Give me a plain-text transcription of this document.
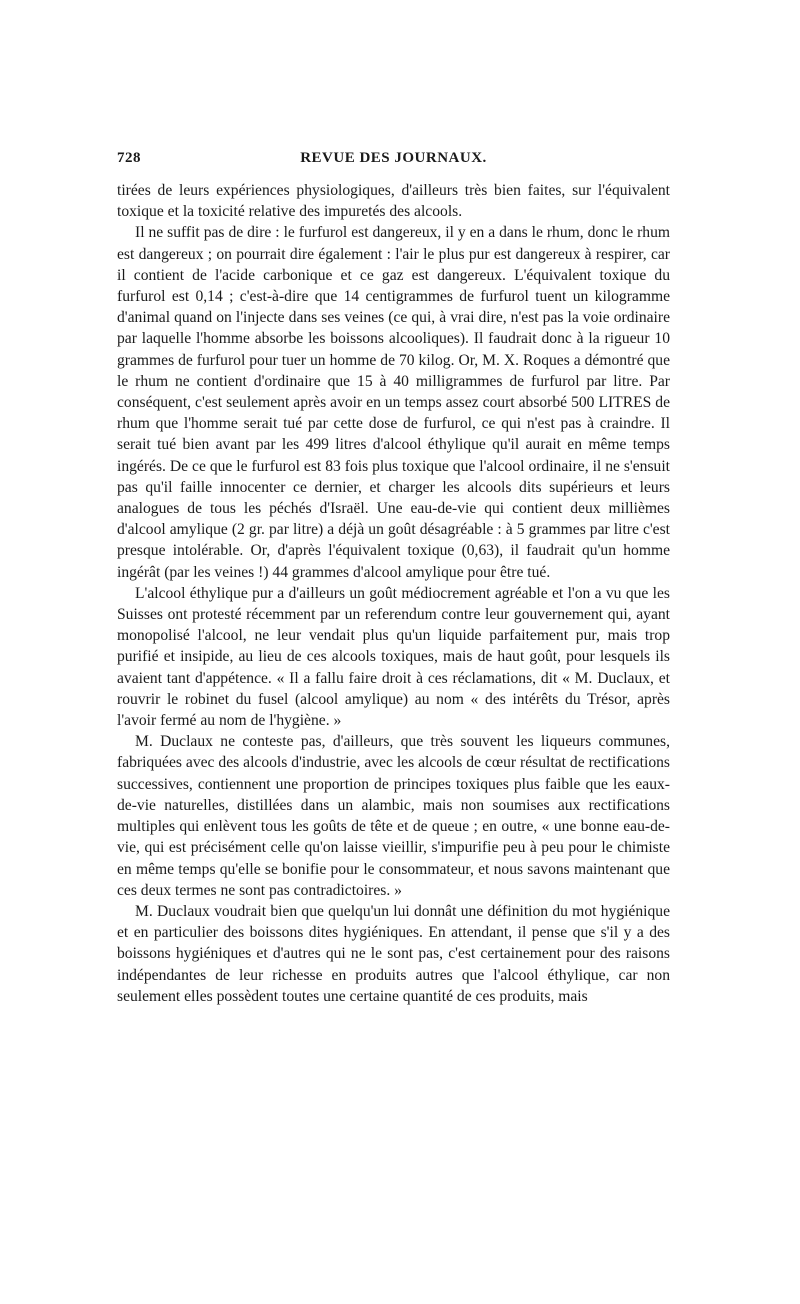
728	REVUE DES JOURNAUX.

tirées de leurs expériences physiologiques, d'ailleurs très bien faites, sur l'équivalent toxique et la toxicité relative des impuretés des alcools.

Il ne suffit pas de dire : le furfurol est dangereux, il y en a dans le rhum, donc le rhum est dangereux ; on pourrait dire également : l'air le plus pur est dangereux à respirer, car il contient de l'acide carbonique et ce gaz est dangereux. L'équivalent toxique du furfurol est 0,14 ; c'est-à-dire que 14 centigrammes de furfurol tuent un kilogramme d'animal quand on l'injecte dans ses veines (ce qui, à vrai dire, n'est pas la voie ordinaire par laquelle l'homme absorbe les boissons alcooliques). Il faudrait donc à la rigueur 10 grammes de furfurol pour tuer un homme de 70 kilog. Or, M. X. Roques a démontré que le rhum ne contient d'ordinaire que 15 à 40 milligrammes de furfurol par litre. Par conséquent, c'est seulement après avoir en un temps assez court absorbé 500 LITRES de rhum que l'homme serait tué par cette dose de furfurol, ce qui n'est pas à craindre. Il serait tué bien avant par les 499 litres d'alcool éthylique qu'il aurait en même temps ingérés. De ce que le furfurol est 83 fois plus toxique que l'alcool ordinaire, il ne s'ensuit pas qu'il faille innocenter ce dernier, et charger les alcools dits supérieurs et leurs analogues de tous les péchés d'Israël. Une eau-de-vie qui contient deux millièmes d'alcool amylique (2 gr. par litre) a déjà un goût désagréable : à 5 grammes par litre c'est presque intolérable. Or, d'après l'équivalent toxique (0,63), il faudrait qu'un homme ingérât (par les veines !) 44 grammes d'alcool amylique pour être tué.

L'alcool éthylique pur a d'ailleurs un goût médiocrement agréable et l'on a vu que les Suisses ont protesté récemment par un referendum contre leur gouvernement qui, ayant monopolisé l'alcool, ne leur vendait plus qu'un liquide parfaitement pur, mais trop purifié et insipide, au lieu de ces alcools toxiques, mais de haut goût, pour lesquels ils avaient tant d'appétence. « Il a fallu faire droit à ces réclamations, dit « M. Duclaux, et rouvrir le robinet du fusel (alcool amylique) au nom « des intérêts du Trésor, après l'avoir fermé au nom de l'hygiène. »

M. Duclaux ne conteste pas, d'ailleurs, que très souvent les liqueurs communes, fabriquées avec des alcools d'industrie, avec les alcools de cœur résultat de rectifications successives, contiennent une proportion de principes toxiques plus faible que les eaux-de-vie naturelles, distillées dans un alambic, mais non soumises aux rectifications multiples qui enlèvent tous les goûts de tête et de queue ; en outre, « une bonne eau-de-vie, qui est précisément celle qu'on laisse vieillir, s'impurifie peu à peu pour le chimiste en même temps qu'elle se bonifie pour le consommateur, et nous savons maintenant que ces deux termes ne sont pas contradictoires. »

M. Duclaux voudrait bien que quelqu'un lui donnât une définition du mot hygiénique et en particulier des boissons dites hygiéniques. En attendant, il pense que s'il y a des boissons hygiéniques et d'autres qui ne le sont pas, c'est certainement pour des raisons indépendantes de leur richesse en produits autres que l'alcool éthylique, car non seulement elles possèdent toutes une certaine quantité de ces produits, mais
